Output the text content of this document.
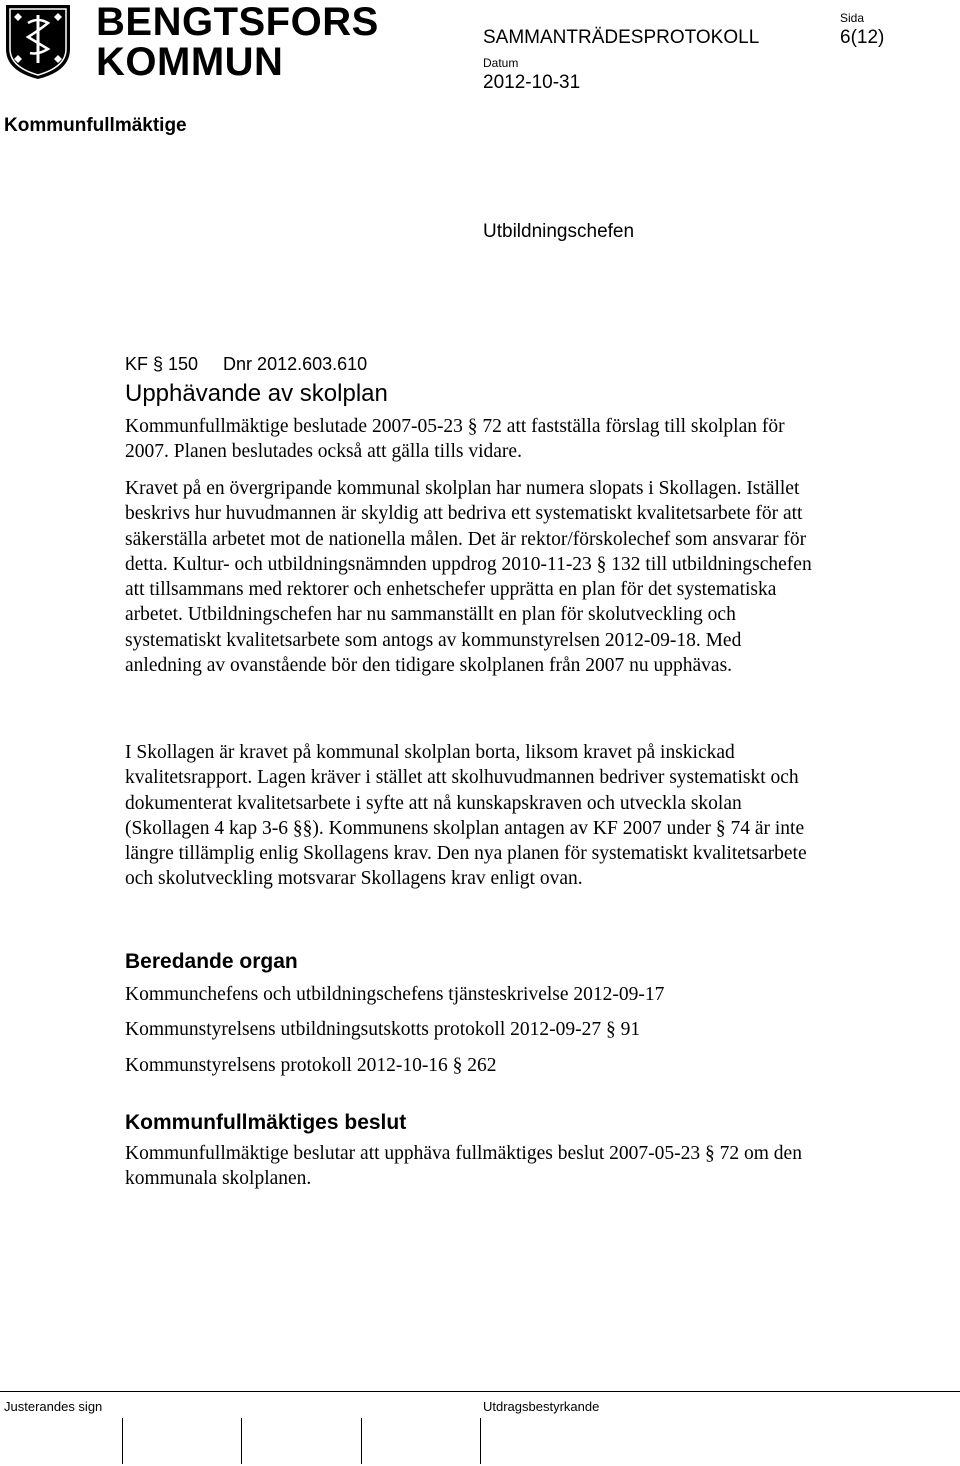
BENGTSFORS
KOMMUN
SAMMANTRÄDESPROTOKOLL
Sida
6(12)
Datum
2012-10-31
Kommunfullmäktige
Utbildningschefen
KF § 150     Dnr 2012.603.610
Upphävande av skolplan
Kommunfullmäktige beslutade 2007-05-23 § 72 att fastställa förslag till skolplan för 2007. Planen beslutades också att gälla tills vidare.
Kravet på en övergripande kommunal skolplan har numera slopats i Skollagen. Istället beskrivs hur huvudmannen är skyldig att bedriva ett systematiskt kvalitetsarbete för att säkerställa arbetet mot de nationella målen. Det är rektor/förskolechef som ansvarar för detta. Kultur- och utbildningsnämnden uppdrog 2010-11-23 § 132 till utbildningschefen att tillsammans med rektorer och enhetschefer upprätta en plan för det systematiska arbetet. Utbildningschefen har nu sammanställt en plan för skolutveckling och systematiskt kvalitetsarbete som antogs av kommunstyrelsen 2012-09-18. Med anledning av ovanstående bör den tidigare skolplanen från 2007 nu upphävas.
I Skollagen är kravet på kommunal skolplan borta, liksom kravet på inskickad kvalitetsrapport. Lagen kräver i stället att skolhuvudmannen bedriver systematiskt och dokumenterat kvalitetsarbete i syfte att nå kunskapskraven och utveckla skolan (Skollagen 4 kap 3-6 §§). Kommunens skolplan antagen av KF 2007 under § 74 är inte längre tillämplig enlig Skollagens krav. Den nya planen för systematiskt kvalitetsarbete och skolutveckling motsvarar Skollagens krav enligt ovan.
Beredande organ
Kommunchefens och utbildningschefens tjänsteskrivelse 2012-09-17
Kommunstyrelsens utbildningsutskotts protokoll 2012-09-27 § 91
Kommunstyrelsens protokoll 2012-10-16 § 262
Kommunfullmäktiges beslut
Kommunfullmäktige beslutar att upphäva fullmäktiges beslut 2007-05-23 § 72 om den kommunala skolplanen.
Justerandes sign	Utdragsbestyrkande
